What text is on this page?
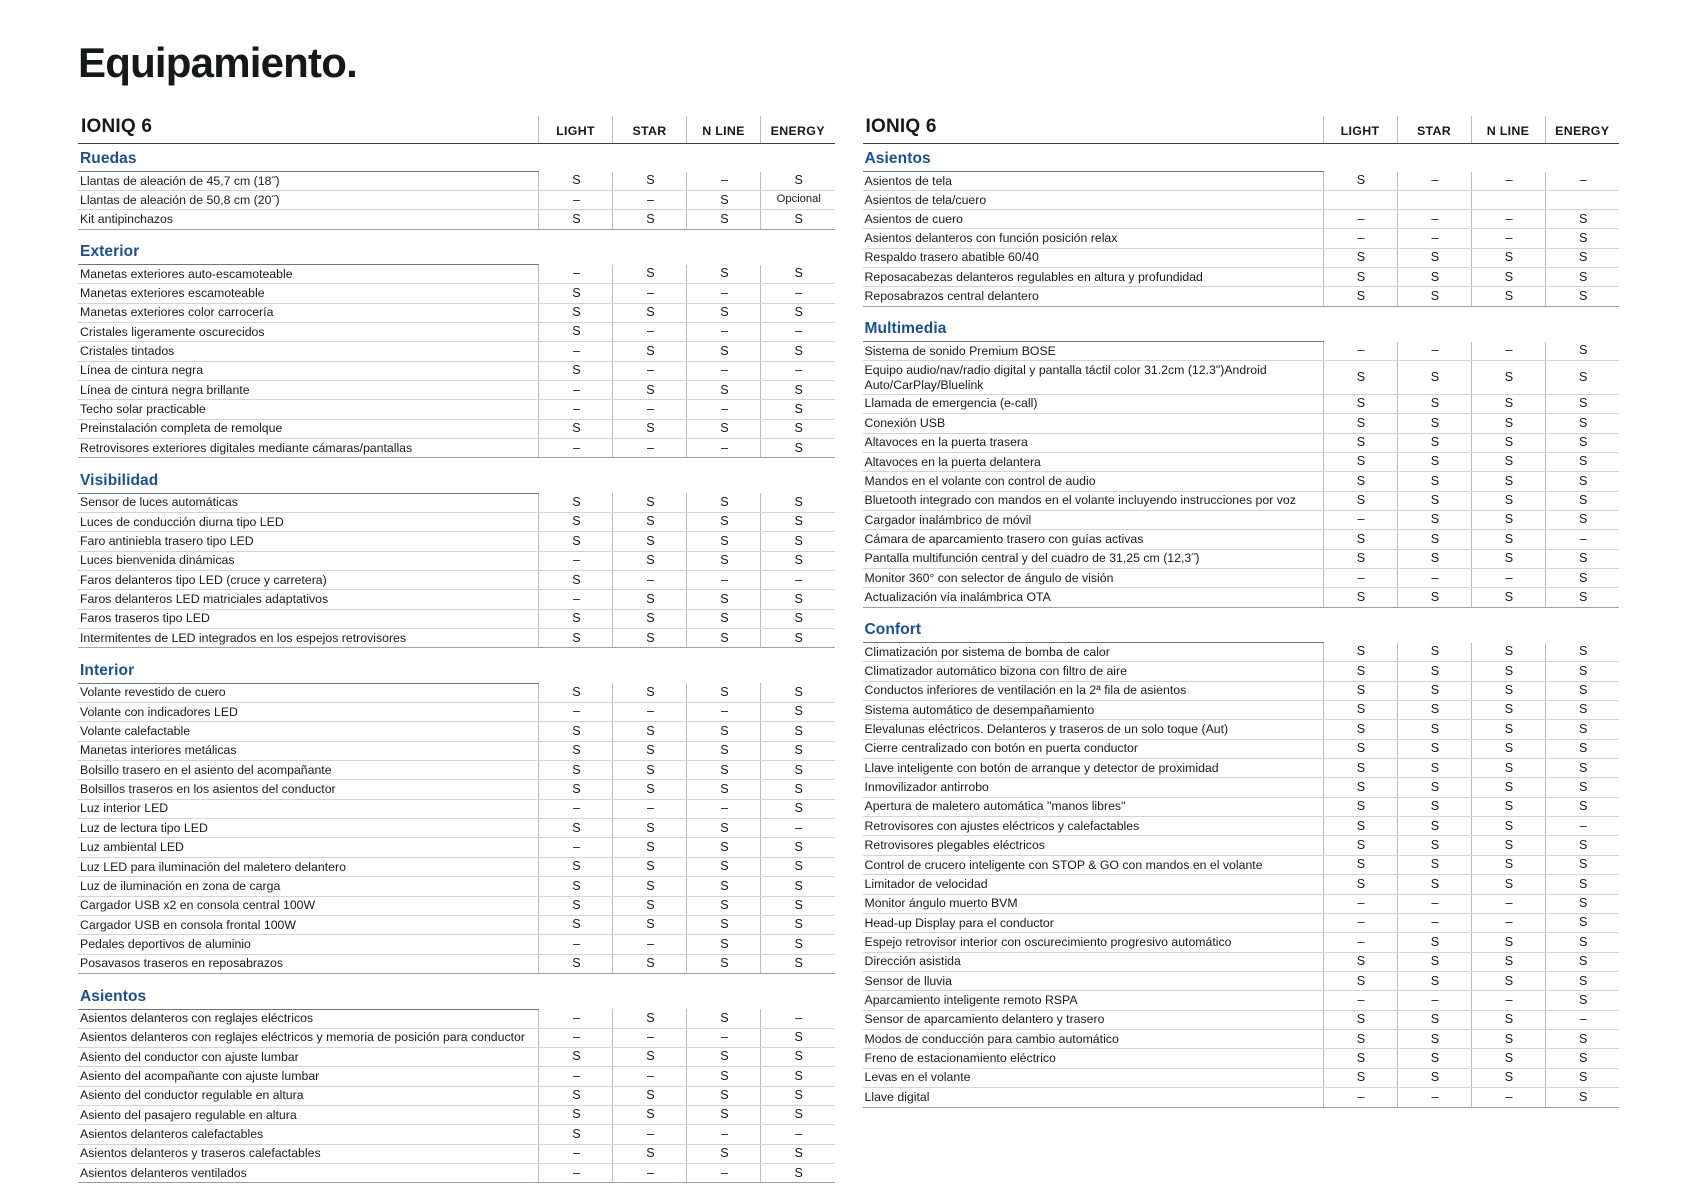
Equipamiento.
IONIQ 6	LIGHT	STAR	N LINE	ENERGY
Ruedas				
Llantas de aleación de 45,7 cm (18˝)	S	S	–	S
Llantas de aleación de 50,8 cm (20˝)	–	–	S	Opcional
Kit antipinchazos	S	S	S	S

Exterior				
Manetas exteriores auto-escamoteable	–	S	S	S
Manetas exteriores escamoteable	S	–	–	–
Manetas exteriores color carrocería	S	S	S	S
Cristales ligeramente oscurecidos	S	–	–	–
Cristales tintados	–	S	S	S
Línea de cintura negra	S	–	–	–
Línea de cintura negra brillante	–	S	S	S
Techo solar practicable	–	–	–	S
Preinstalación completa de remolque	S	S	S	S
Retrovisores exteriores digitales mediante cámaras/pantallas	–	–	–	S

Visibilidad				
Sensor de luces automáticas	S	S	S	S
Luces de conducción diurna tipo LED	S	S	S	S
Faro antiniebla trasero tipo LED	S	S	S	S
Luces bienvenida dinámicas	–	S	S	S
Faros delanteros tipo LED (cruce y carretera)	S	–	–	–
Faros delanteros LED matriciales adaptativos	–	S	S	S
Faros traseros tipo LED	S	S	S	S
Intermitentes de LED integrados en los espejos retrovisores	S	S	S	S

Interior				
Volante revestido de cuero	S	S	S	S
Volante con indicadores LED	–	–	–	S
Volante calefactable	S	S	S	S
Manetas interiores metálicas	S	S	S	S
Bolsillo trasero en el asiento del acompañante	S	S	S	S
Bolsillos traseros en los asientos del conductor	S	S	S	S
Luz interior LED	–	–	–	S
Luz de lectura tipo LED	S	S	S	–
Luz ambiental LED	–	S	S	S
Luz LED para iluminación del maletero delantero	S	S	S	S
Luz de iluminación en zona de carga	S	S	S	S
Cargador USB x2 en consola central 100W	S	S	S	S
Cargador USB en consola frontal 100W	S	S	S	S
Pedales deportivos de aluminio	–	–	S	S
Posavasos traseros en reposabrazos	S	S	S	S

Asientos				
Asientos delanteros con reglajes eléctricos	–	S	S	–
Asientos delanteros con reglajes eléctricos y memoria de posición para conductor	–	–	–	S
Asiento del conductor con ajuste lumbar	S	S	S	S
Asiento del acompañante con ajuste lumbar	–	–	S	S
Asiento del conductor regulable en altura	S	S	S	S
Asiento del pasajero regulable en altura	S	S	S	S
Asientos delanteros calefactables	S	–	–	–
Asientos delanteros y traseros calefactables	–	S	S	S
Asientos delanteros ventilados	–	–	–	S
IONIQ 6	LIGHT	STAR	N LINE	ENERGY
Asientos				
Asientos de tela	S	–	–	–
Asientos de tela/cuero				
Asientos de cuero	–	–	–	S
Asientos delanteros con función posición relax	–	–	–	S
Respaldo trasero abatible 60/40	S	S	S	S
Reposacabezas delanteros regulables en altura y profundidad	S	S	S	S
Reposabrazos central delantero	S	S	S	S

Multimedia				
Sistema de sonido Premium BOSE	–	–	–	S
Equipo audio/nav/radio digital y pantalla táctil color 31.2cm (12.3")Android Auto/CarPlay/Bluelink	S	S	S	S
Llamada de emergencia (e-call)	S	S	S	S
Conexión USB	S	S	S	S
Altavoces en la puerta trasera	S	S	S	S
Altavoces en la puerta delantera	S	S	S	S
Mandos en el volante con control de audio	S	S	S	S
Bluetooth integrado con mandos en el volante incluyendo instrucciones por voz	S	S	S	S
Cargador inalámbrico de móvil	–	S	S	S
Cámara de aparcamiento trasero con guías activas	S	S	S	–
Pantalla multifunción central y del cuadro de 31,25 cm (12,3˝)	S	S	S	S
Monitor 360° con selector de ángulo de visión	–	–	–	S
Actualización vía inalámbrica OTA	S	S	S	S

Confort				
Climatización por sistema de bomba de calor	S	S	S	S
Climatizador automático bizona con filtro de aire	S	S	S	S
Conductos inferiores de ventilación en la 2ª fila de asientos	S	S	S	S
Sistema automático de desempañamiento	S	S	S	S
Elevalunas eléctricos. Delanteros y traseros de un solo toque (Aut)	S	S	S	S
Cierre centralizado con botón en puerta conductor	S	S	S	S
Llave inteligente con botón de arranque y detector de proximidad	S	S	S	S
Inmovilizador antirrobo	S	S	S	S
Apertura de maletero automática "manos libres"	S	S	S	S
Retrovisores con ajustes eléctricos y calefactables	S	S	S	–
Retrovisores plegables eléctricos	S	S	S	S
Control de crucero inteligente con STOP & GO con mandos en el volante	S	S	S	S
Limitador de velocidad	S	S	S	S
Monitor ángulo muerto BVM	–	–	–	S
Head-up Display para el conductor	–	–	–	S
Espejo retrovisor interior con oscurecimiento progresivo automático	–	S	S	S
Dirección asistida	S	S	S	S
Sensor de lluvia	S	S	S	S
Aparcamiento inteligente remoto RSPA	–	–	–	S
Sensor de aparcamiento delantero y trasero	S	S	S	–
Modos de conducción para cambio automático	S	S	S	S
Freno de estacionamiento eléctrico	S	S	S	S
Levas en el volante	S	S	S	S
Llave digital	–	–	–	S
